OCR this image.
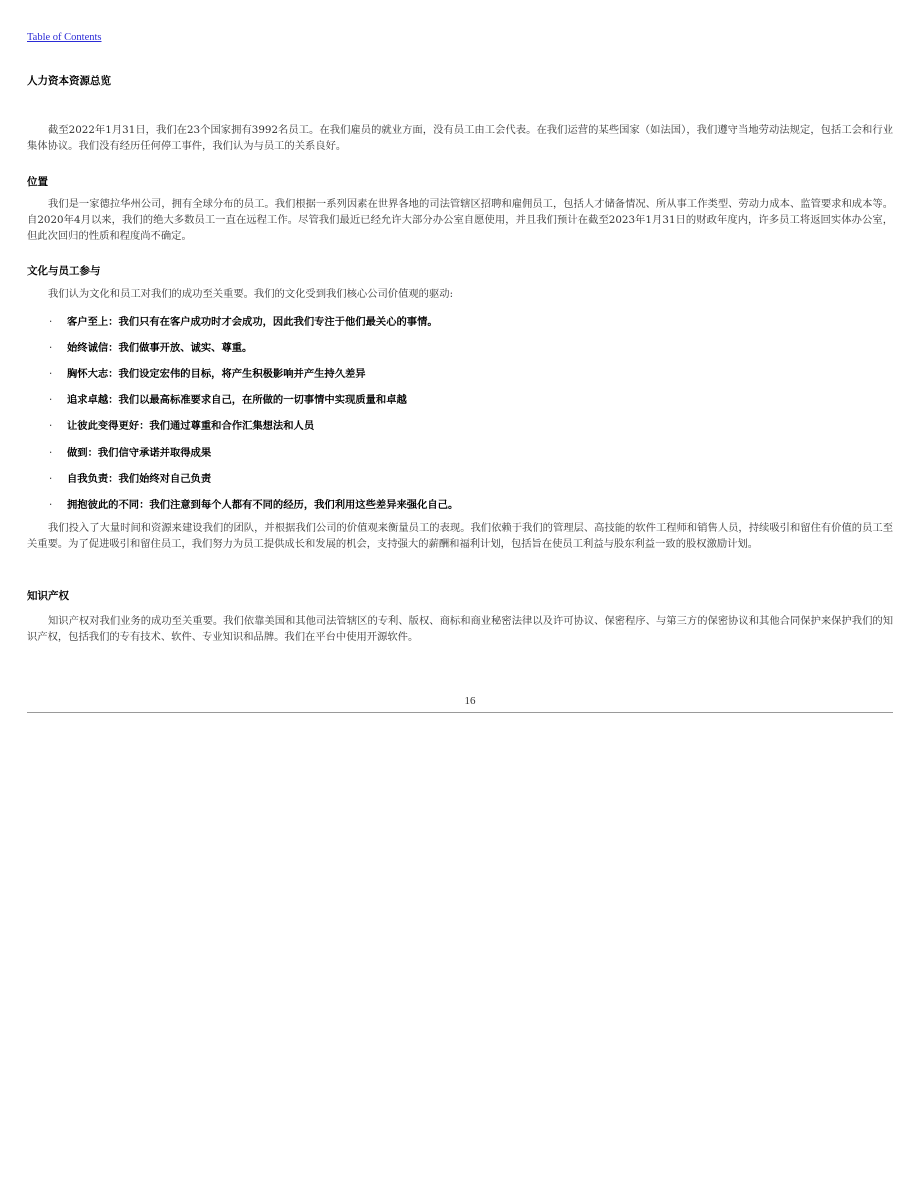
Table of Contents
人力资本资源总览

截至2022年1月31日，我们在23个国家拥有3992名员工。在我们雇员的就业方面，没有员工由工会代表。在我们运营的某些国家（如法国），我们遵守当地劳动法规定，包括工会和行业集体协议。我们没有经历任何停工事件，我们认为与员工的关系良好。

位置

我们是一家德拉华州公司，拥有全球分布的员工。我们根据一系列因素在世界各地的司法管辖区招聘和雇佣员工，包括人才储备情况、所从事工作类型、劳动力成本、监管要求和成本等。自2020年4月以来，我们的绝大多数员工一直在远程工作。尽管我们最近已经允许大部分办公室自愿使用，并且我们预计在截至2023年1月31日的财政年度内，许多员工将返回实体办公室，但此次回归的性质和程度尚不确定。

文化与员工参与

我们认为文化和员工对我们的成功至关重要。我们的文化受到我们核心公司价值观的驱动:

· 客户至上：我们只有在客户成功时才会成功，因此我们专注于他们最关心的事情。
· 始终诚信：我们做事开放、诚实、尊重。
· 胸怀大志：我们设定宏伟的目标，将产生积极影响并产生持久差异
· 追求卓越：我们以最高标准要求自己，在所做的一切事情中实现质量和卓越
· 让彼此变得更好：我们通过尊重和合作汇集想法和人员
· 做到：我们信守承诺并取得成果
· 自我负责：我们始终对自己负责
· 拥抱彼此的不同：我们注意到每个人都有不同的经历，我们利用这些差异来强化自己。

我们投入了大量时间和资源来建设我们的团队，并根据我们公司的价值观来衡量员工的表现。我们依赖于我们的管理层、高技能的软件工程师和销售人员，持续吸引和留住有价值的员工至关重要。为了促进吸引和留住员工，我们努力为员工提供成长和发展的机会，支持强大的薪酬和福利计划，包括旨在使员工利益与股东利益一致的股权激励计划。

知识产权

知识产权对我们业务的成功至关重要。我们依靠美国和其他司法管辖区的专利、版权、商标和商业秘密法律以及许可协议、保密程序、与第三方的保密协议和其他合同保护来保护我们的知识产权，包括我们的专有技术、软件、专业知识和品牌。我们在平台中使用开源软件。

16
